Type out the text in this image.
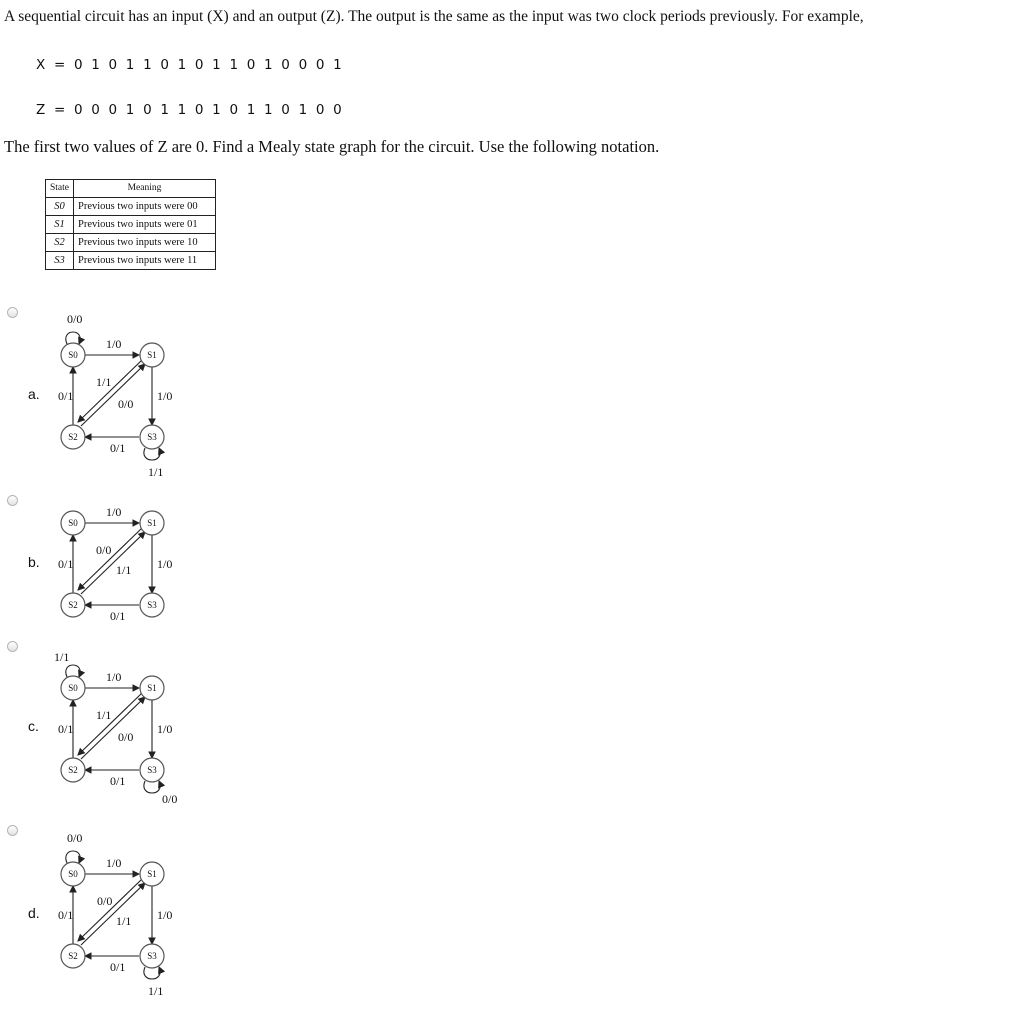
A sequential circuit has an input (X) and an output (Z). The output is the same as the input was two clock periods previously. For example,
X = 0 1 0 1 1 0 1 0 1 1 0 1 0 0 0 1
Z = 0 0 0 1 0 1 1 0 1 0 1 1 0 1 0 0
The first two values of Z are 0. Find a Mealy state graph for the circuit. Use the following notation.
State	Meaning
S0	Previous two inputs were 00
S1	Previous two inputs were 01
S2	Previous two inputs were 10
S3	Previous two inputs were 11
a.
0/0
1/0
1/0
0/1
0/1
1/1
0/0
1/1
S0	S1
S2	S3
b.
1/0
1/0
0/1
0/1
0/0
1/1
S0	S1
S2	S3
c.
1/1
1/0
1/0
0/1
0/1
1/1
0/0
0/0
S0	S1
S2	S3
d.
0/0
1/0
1/0
0/1
0/1
0/0
1/1
1/1
S0	S1
S2	S3
